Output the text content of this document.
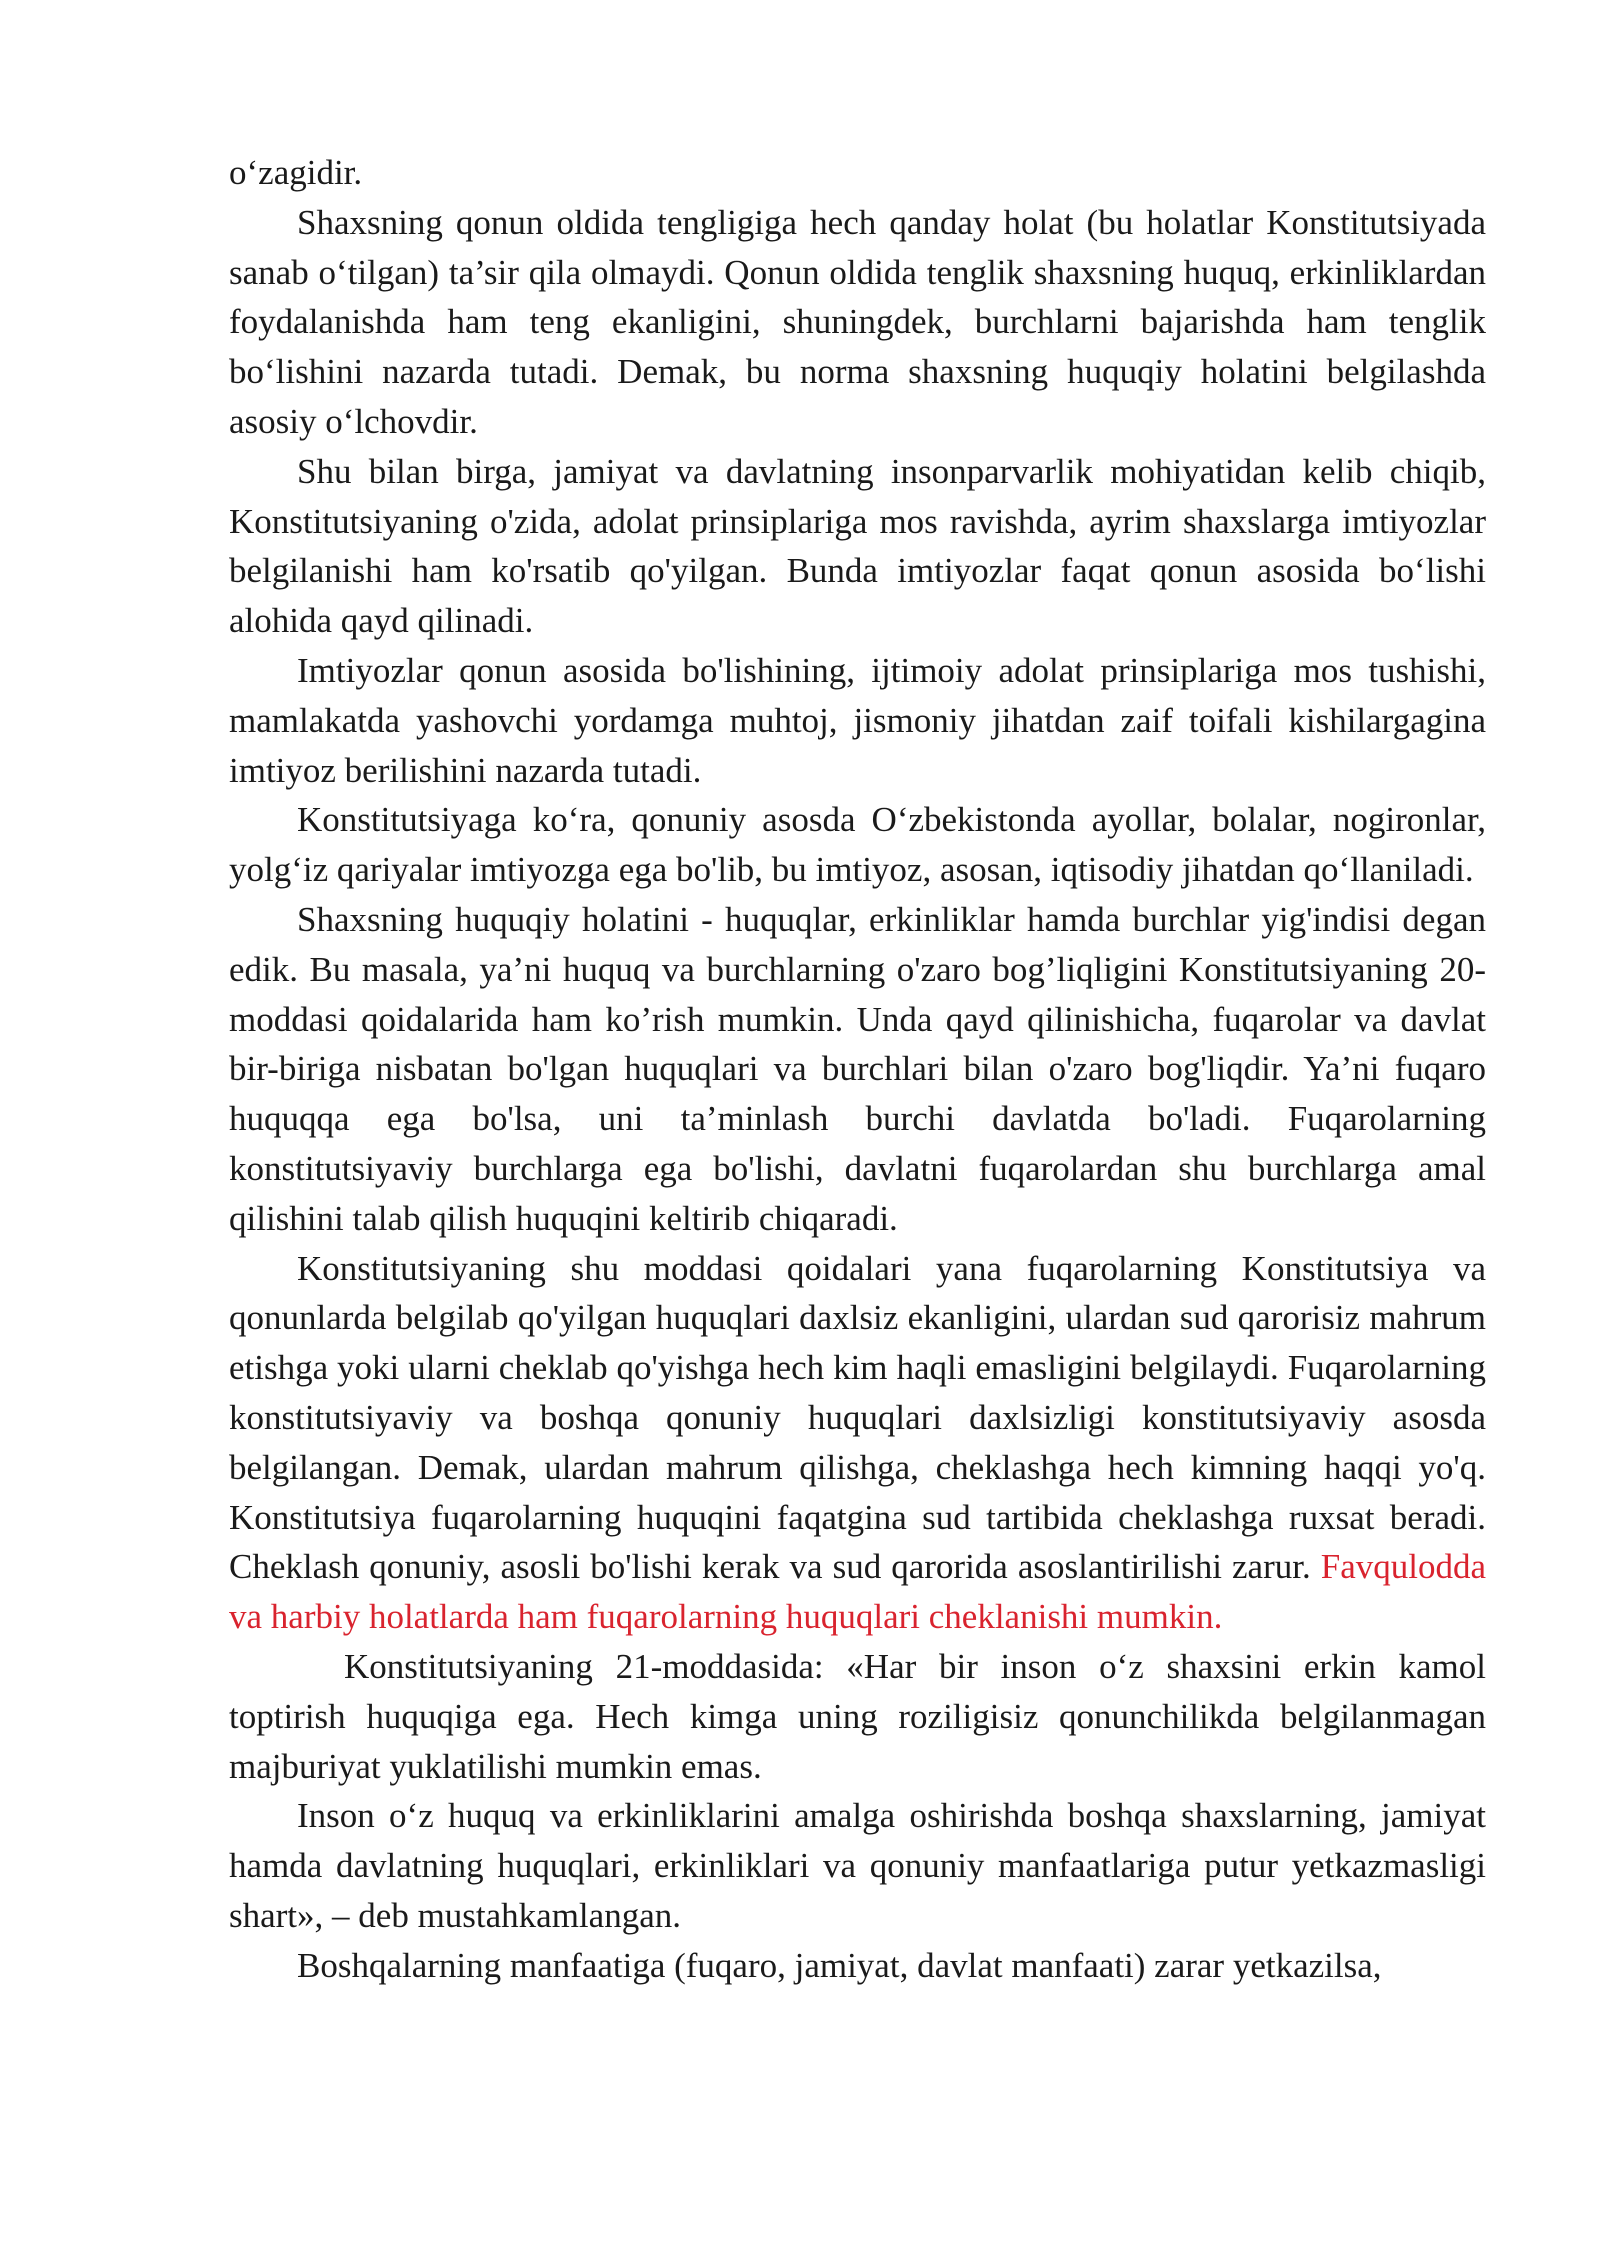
o‘zagidir.

Shaxsning qonun oldida tengligiga hech qanday holat (bu holatlar Konstitutsiyada sanab o‘tilgan) ta’sir qila olmaydi. Qonun oldida tenglik shaxsning huquq, erkinliklardan foydalanishda ham teng ekanligini, shuningdek, burchlarni bajarishda ham tenglik bo‘lishini nazarda tutadi. Demak, bu norma shaxsning huquqiy holatini belgilashda asosiy o‘lchovdir.

Shu bilan birga, jamiyat va davlatning insonparvarlik mohiyatidan kelib chiqib, Konstitutsiyaning o'zida, adolat prinsiplariga mos ravishda, ayrim shaxslarga imtiyozlar belgilanishi ham ko'rsatib qo'yilgan. Bunda imtiyozlar faqat qonun asosida bo‘lishi alohida qayd qilinadi.

Imtiyozlar qonun asosida bo'lishining, ijtimoiy adolat prinsiplariga mos tushishi, mamlakatda yashovchi yordamga muhtoj, jismoniy jihatdan zaif toifali kishilargagina imtiyoz berilishini nazarda tutadi.

Konstitutsiyaga ko‘ra, qonuniy asosda O‘zbekistonda ayollar, bolalar, nogironlar, yolg‘iz qariyalar imtiyozga ega bo'lib, bu imtiyoz, asosan, iqtisodiy jihatdan qo‘llaniladi.

Shaxsning huquqiy holatini - huquqlar, erkinliklar hamda burchlar yig'indisi degan edik. Bu masala, ya’ni huquq va burchlarning o'zaro bog’liqligini Konstitutsiyaning 20-moddasi qoidalarida ham ko’rish mumkin. Unda qayd qilinishicha, fuqarolar va davlat bir-biriga nisbatan bo'lgan huquqlari va burchlari bilan o'zaro bog'liqdir. Ya’ni fuqaro huquqqa ega bo'lsa, uni ta’minlash burchi davlatda bo'ladi. Fuqarolarning konstitutsiyaviy burchlarga ega bo'lishi, davlatni fuqarolardan shu burchlarga amal qilishini talab qilish huquqini keltirib chiqaradi.

Konstitutsiyaning shu moddasi qoidalari yana fuqarolarning Konstitutsiya va qonunlarda belgilab qo'yilgan huquqlari daxlsiz ekanligini, ulardan sud qarorisiz mahrum etishga yoki ularni cheklab qo'yishga hech kim haqli emasligini belgilaydi. Fuqarolarning konstitutsiyaviy va boshqa qonuniy huquqlari daxlsizligi konstitutsiyaviy asosda belgilangan. Demak, ulardan mahrum qilishga, cheklashga hech kimning haqqi yo'q. Konstitutsiya fuqarolarning huquqini faqatgina sud tartibida cheklashga ruxsat beradi. Cheklash qonuniy, asosli bo'lishi kerak va sud qarorida asoslantirilishi zarur. Favqulodda va harbiy holatlarda ham fuqarolarning huquqlari cheklanishi mumkin.

Konstitutsiyaning 21-moddasida: «Har bir inson o‘z shaxsini erkin kamol toptirish huquqiga ega. Hech kimga uning roziligisiz qonunchilikda belgilanmagan majburiyat yuklatilishi mumkin emas.

Inson o‘z huquq va erkinliklarini amalga oshirishda boshqa shaxslarning, jamiyat hamda davlatning huquqlari, erkinliklari va qonuniy manfaatlariga putur yetkazmasligi shart», – deb mustahkamlangan.

Boshqalarning manfaatiga (fuqaro, jamiyat, davlat manfaati) zarar yetkazilsa,
